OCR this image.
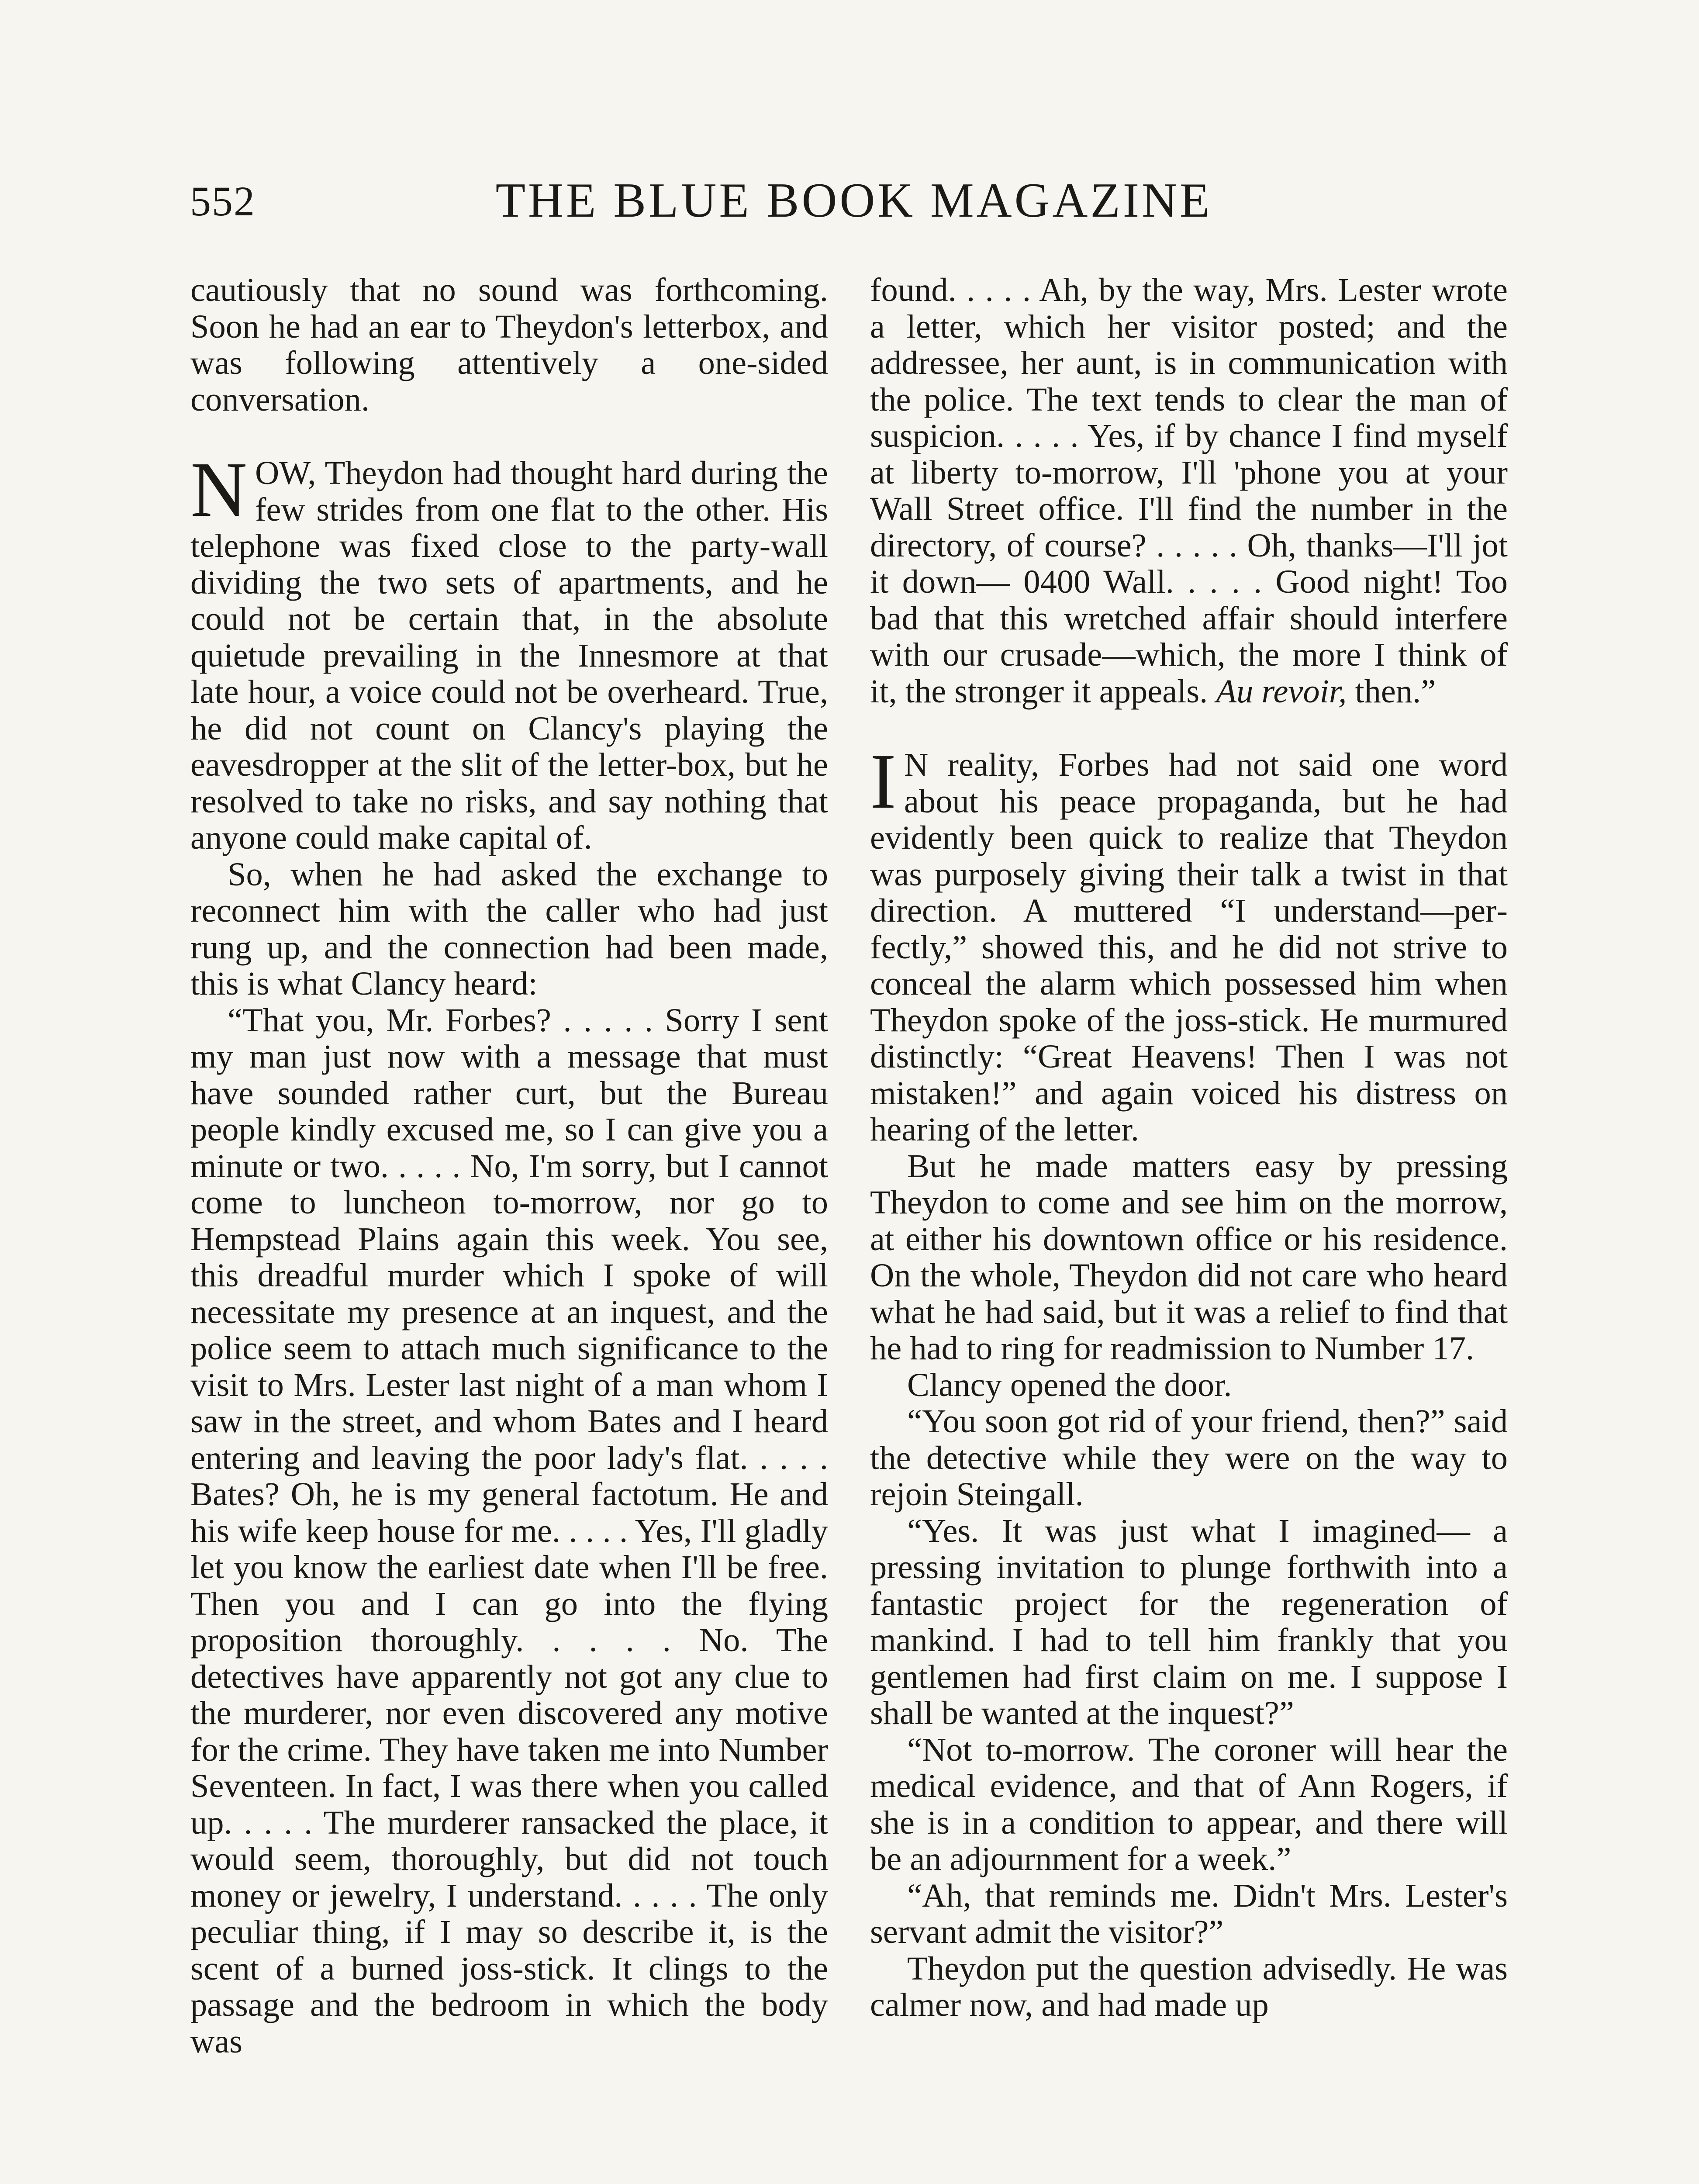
552	THE BLUE BOOK MAGAZINE

cautiously that no sound was forthcoming. Soon he had an ear to Theydon's letterbox, and was following attentively a one-sided conversation.

NOW, Theydon had thought hard during the few strides from one flat to the other. His telephone was fixed close to the party-wall dividing the two sets of apartments, and he could not be certain that, in the absolute quietude prevailing in the Innesmore at that late hour, a voice could not be overheard. True, he did not count on Clancy's playing the eavesdropper at the slit of the letter-box, but he resolved to take no risks, and say nothing that anyone could make capital of.

So, when he had asked the exchange to reconnect him with the caller who had just rung up, and the connection had been made, this is what Clancy heard:

“That you, Mr. Forbes? . . . . . Sorry I sent my man just now with a message that must have sounded rather curt, but the Bureau people kindly excused me, so I can give you a minute or two. . . . . No, I'm sorry, but I cannot come to luncheon to-morrow, nor go to Hempstead Plains again this week. You see, this dreadful murder which I spoke of will necessitate my presence at an inquest, and the police seem to attach much significance to the visit to Mrs. Lester last night of a man whom I saw in the street, and whom Bates and I heard entering and leaving the poor lady's flat. . . . . Bates? Oh, he is my general factotum. He and his wife keep house for me. . . . . Yes, I'll gladly let you know the earliest date when I'll be free. Then you and I can go into the flying proposition thoroughly. . . . . No. The detectives have apparently not got any clue to the murderer, nor even discovered any motive for the crime. They have taken me into Number Seventeen. In fact, I was there when you called up. . . . . The murderer ransacked the place, it would seem, thoroughly, but did not touch money or jewelry, I understand. . . . . The only peculiar thing, if I may so describe it, is the scent of a burned joss-stick. It clings to the passage and the bedroom in which the body was

found. . . . . Ah, by the way, Mrs. Lester wrote a letter, which her visitor posted; and the addressee, her aunt, is in communication with the police. The text tends to clear the man of suspicion. . . . . Yes, if by chance I find myself at liberty to-morrow, I'll 'phone you at your Wall Street office. I'll find the number in the directory, of course? . . . . . Oh, thanks—I'll jot it down— 0400 Wall. . . . . Good night! Too bad that this wretched affair should interfere with our crusade—which, the more I think of it, the stronger it appeals. Au revoir, then.”

I N reality, Forbes had not said one word about his peace propaganda, but he had evidently been quick to realize that Theydon was purposely giving their talk a twist in that direction. A muttered “I understand—perfectly,” showed this, and he did not strive to conceal the alarm which possessed him when Theydon spoke of the joss-stick. He murmured distinctly: “Great Heavens! Then I was not mistaken!” and again voiced his distress on hearing of the letter.

But he made matters easy by pressing Theydon to come and see him on the morrow, at either his downtown office or his residence. On the whole, Theydon did not care who heard what he had said, but it was a relief to find that he had to ring for readmission to Number 17.

Clancy opened the door.

“You soon got rid of your friend, then?” said the detective while they were on the way to rejoin Steingall.

“Yes. It was just what I imagined— a pressing invitation to plunge forthwith into a fantastic project for the regeneration of mankind. I had to tell him frankly that you gentlemen had first claim on me. I suppose I shall be wanted at the inquest?”

“Not to-morrow. The coroner will hear the medical evidence, and that of Ann Rogers, if she is in a condition to appear, and there will be an adjournment for a week.”

“Ah, that reminds me. Didn't Mrs. Lester's servant admit the visitor?”

Theydon put the question advisedly. He was calmer now, and had made up
